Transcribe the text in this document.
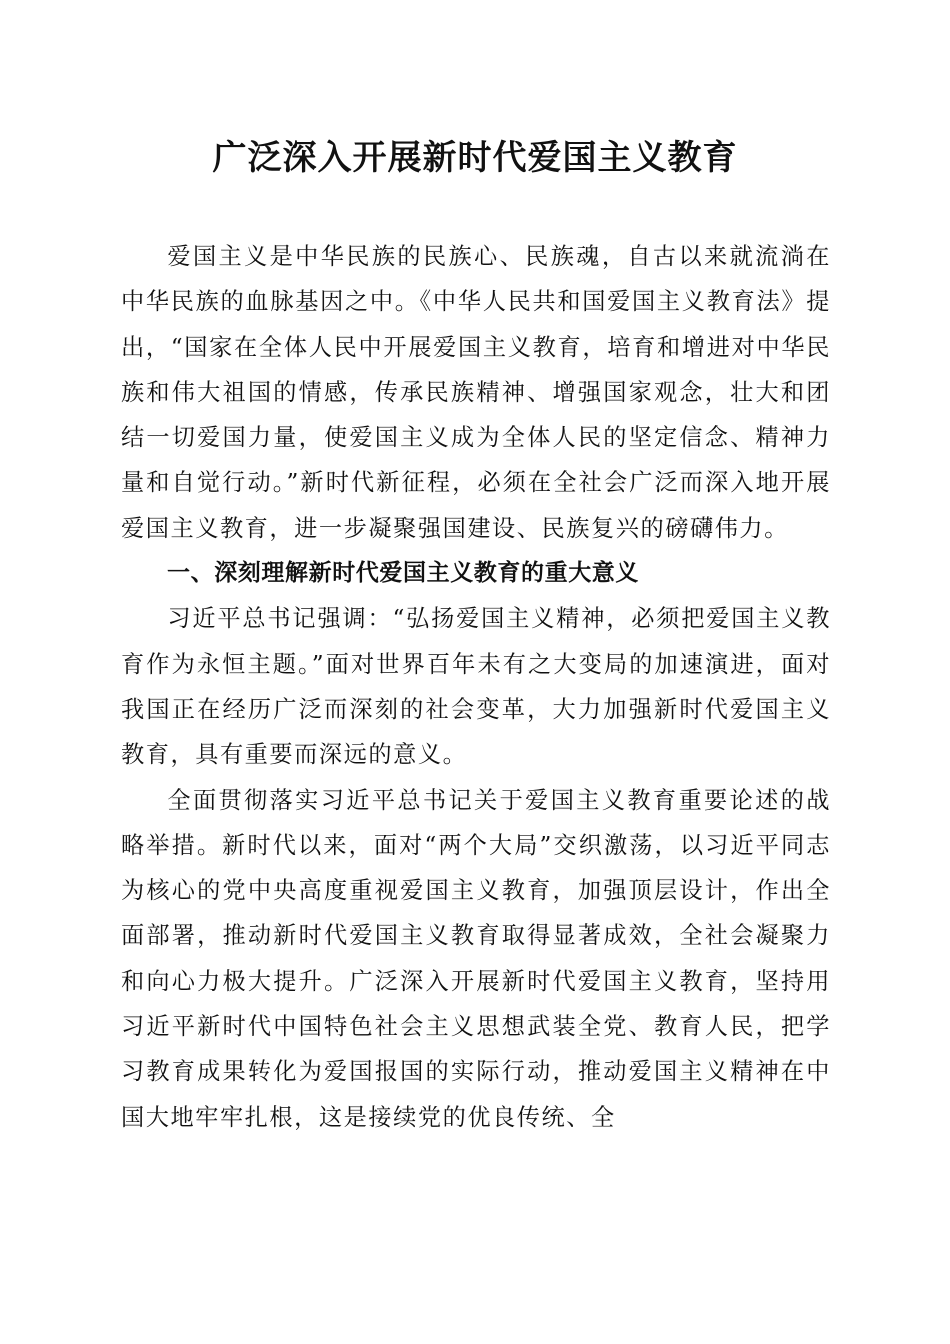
广泛深入开展新时代爱国主义教育

爱国主义是中华民族的民族心、民族魂，自古以来就流淌在中华民族的血脉基因之中。《中华人民共和国爱国主义教育法》提出，“国家在全体人民中开展爱国主义教育，培育和增进对中华民族和伟大祖国的情感，传承民族精神、增强国家观念，壮大和团结一切爱国力量，使爱国主义成为全体人民的坚定信念、精神力量和自觉行动。”新时代新征程，必须在全社会广泛而深入地开展爱国主义教育，进一步凝聚强国建设、民族复兴的磅礴伟力。

一、深刻理解新时代爱国主义教育的重大意义

习近平总书记强调：“弘扬爱国主义精神，必须把爱国主义教育作为永恒主题。”面对世界百年未有之大变局的加速演进，面对我国正在经历广泛而深刻的社会变革，大力加强新时代爱国主义教育，具有重要而深远的意义。

全面贯彻落实习近平总书记关于爱国主义教育重要论述的战略举措。新时代以来，面对“两个大局”交织激荡，以习近平同志为核心的党中央高度重视爱国主义教育，加强顶层设计，作出全面部署，推动新时代爱国主义教育取得显著成效，全社会凝聚力和向心力极大提升。广泛深入开展新时代爱国主义教育，坚持用习近平新时代中国特色社会主义思想武装全党、教育人民，把学习教育成果转化为爱国报国的实际行动，推动爱国主义精神在中国大地牢牢扎根，这是接续党的优良传统、全
